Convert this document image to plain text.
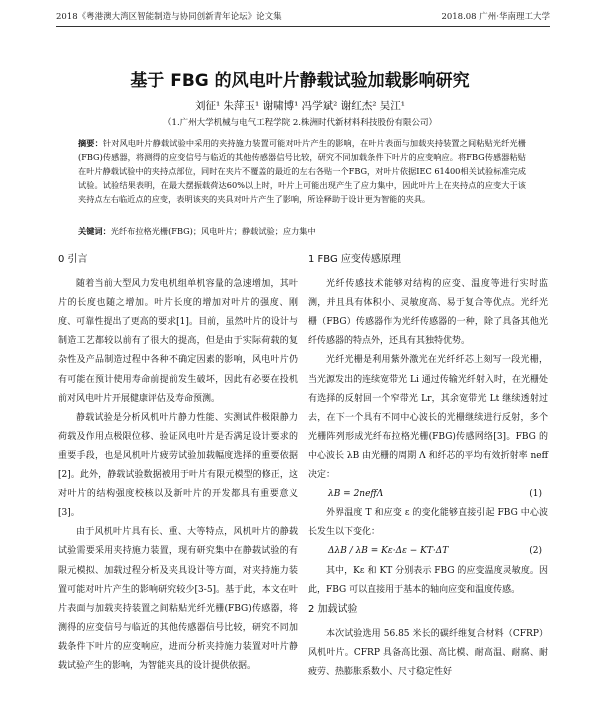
2018《粤港澳大湾区智能制造与协同创新青年论坛》论文集	2018.08 广州·华南理工大学
基于 FBG 的风电叶片静载试验加载影响研究
刘征¹ 朱萍玉¹ 谢啸博¹ 冯学斌² 谢红杰² 吴江¹
（1.广州大学机械与电气工程学院 2.株洲时代新材料科技股份有限公司）
摘要：针对风电叶片静载试验中采用的夹持施力装置可能对叶片产生的影响，在叶片表面与加载夹持装置之间粘贴光纤光栅(FBG)传感器，将测得的应变信号与临近的其他传感器信号比较，研究不同加载条件下叶片的应变响应。将FBG传感器粘贴在叶片静载试验中的夹持点部位，同时在夹片不覆盖的最近的左右各贴一个FBG，对叶片依据IEC 61400相关试验标准完成试验。试验结果表明，在最大摆振载荷达60%以上时，叶片上可能出现产生了应力集中，因此叶片上在夹持点的应变大于该夹持点左右临近点的应变，表明该夹的夹具对叶片产生了影响，所诠释助于设计更为智能的夹具。
关键词：光纤布拉格光栅(FBG)；风电叶片；静载试验；应力集中
0 引言

随着当前大型风力发电机组单机容量的急速增加，其叶片的长度也随之增加。叶片长度的增加对叶片的强度、刚度、可靠性提出了更高的要求[1]。目前，虽然叶片的设计与制造工艺都较以前有了很大的提高，但是由于实际荷载的复杂性及产品制造过程中各种不确定因素的影响，风电叶片仍有可能在预计使用寿命前提前发生破坏，因此有必要在投机前对风电叶片开展健康评估及寿命预测。

静载试验是分析风机叶片静力性能、实测试件极限静力荷载及作用点极限位移、验证风电叶片是否满足设计要求的重要手段，也是风机叶片疲劳试验加载幅度选择的重要依据[2]。此外，静载试验数据被用于叶片有限元模型的修正，这对叶片的结构强度校核以及新叶片的开发都具有重要意义[3]。

由于风机叶片具有长、重、大等特点，风机叶片的静载试验需要采用夹持施力装置，现有研究集中在静载试验的有限元模拟、加载过程分析及夹具设计等方面，对夹持施力装置可能对叶片产生的影响研究较少[3-5]。基于此，本文在叶片表面与加载夹持装置之间粘贴光纤光栅(FBG)传感器，将测得的应变信号与临近的其他传感器信号比较，研究不同加载条件下叶片的应变响应，进而分析夹持施力装置对叶片静载试验产生的影响，为智能夹具的设计提供依据。

1 FBG 应变传感原理

光纤传感技术能够对结构的应变、温度等进行实时监测，并且具有体积小、灵敏度高、易于复合等优点。光纤光栅（FBG）传感器作为光纤传感器的一种，除了具备其他光纤传感器的特点外，还具有其独特优势。

光纤光栅是利用紫外激光在光纤纤芯上刻写一段光栅，当光源发出的连续宽带光 Li 通过传输光纤射入时，在光栅处有选择的反射回一个窄带光 Lr，其余宽带光 Lt 继续透射过去，在下一个具有不同中心波长的光栅继续进行反射，多个光栅阵列形成光纤布拉格光栅(FBG)传感网络[3]。FBG 的中心波长 λB 由光栅的周期 Λ 和纤芯的平均有效折射率 neff 决定：

λB = 2neffΛ	(1)

外界温度 T 和应变 ε 的变化能够直接引起 FBG 中心波长发生以下变化：

ΔλB / λB = Kε·Δε − KT·ΔT	(2)

其中，Kε 和 KT 分别表示 FBG 的应变温度灵敏度。因此，FBG 可以直接用于基本的轴向应变和温度传感。

2 加载试验

本次试验选用 56.85 米长的碳纤维复合材料（CFRP）风机叶片。CFRP 具备高比强、高比模、耐高温、耐腐、耐疲劳、热膨胀系数小、尺寸稳定性好
